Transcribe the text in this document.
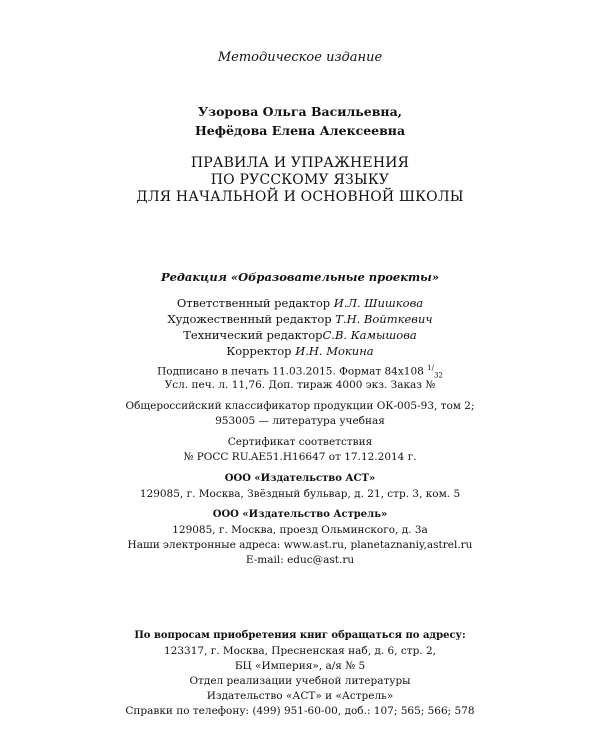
Методическое издание
Узорова Ольга Васильевна,
Нефёдова Елена Алексеевна
ПРАВИЛА И УПРАЖНЕНИЯ
ПО РУССКОМУ ЯЗЫКУ
ДЛЯ НАЧАЛЬНОЙ И ОСНОВНОЙ ШКОЛЫ
Редакция «Образовательные проекты»
Ответственный редактор И.Л. Шишкова
Художественный редактор Т.Н. Войткевич
Технический редакторС.В. Камышова
Корректор И.Н. Мокина
Подписано в печать 11.03.2015. Формат 84x108 $^{1/}_{32}$
Усл. печ. л. 11,76. Доп. тираж 4000 экз. Заказ №
Общероссийский классификатор продукции ОК-005-93, том 2;
953005 — литература учебная
Сертификат соответствия
№ РОСС RU.AE51.H16647 от 17.12.2014 г.
ООО «Издательство АСТ»
129085, г. Москва, Звёздный бульвар, д. 21, стр. 3, ком. 5
ООО «Издательство Астрель»
129085, г. Москва, проезд Ольминского, д. 3а
Наши электронные адреса: www.ast.ru, planetaznaniy,astrel.ru
E-mail: educ@ast.ru
По вопросам приобретения книг обращаться по адресу:
123317, г. Москва, Пресненская наб, д. 6, стр. 2,
БЦ «Империя», а/я № 5
Отдел реализации учебной литературы
Издательство «АСТ» и «Астрель»
Справки по телефону: (499) 951-60-00, доб.: 107; 565; 566; 578
